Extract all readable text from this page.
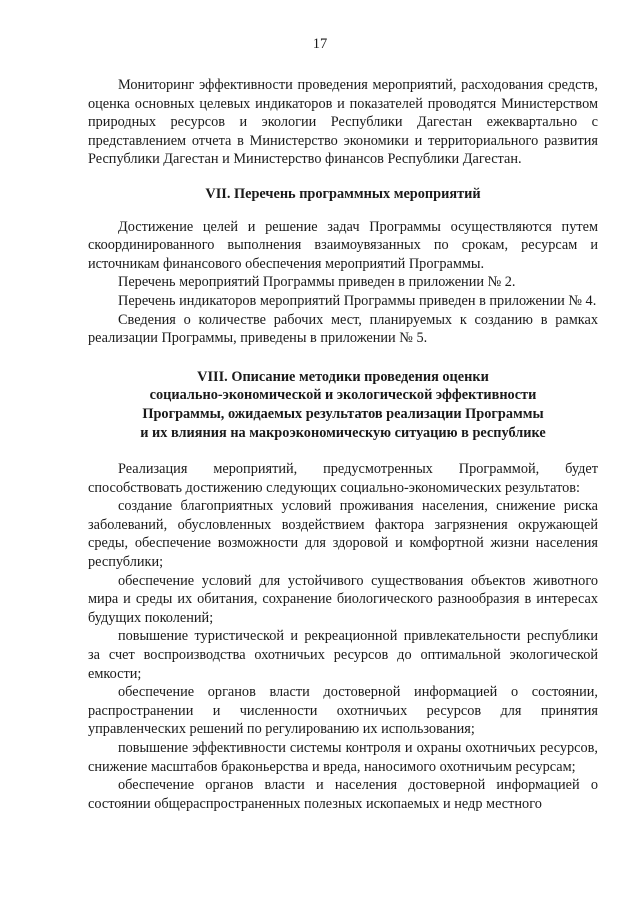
17

Мониторинг эффективности проведения мероприятий, расходования средств, оценка основных целевых индикаторов и показателей проводятся Министерством природных ресурсов и экологии Республики Дагестан ежеквартально с представлением отчета в Министерство экономики и территориального развития Республики Дагестан и Министерство финансов Республики Дагестан.

VII. Перечень программных мероприятий

Достижение целей и решение задач Программы осуществляются путем скоординированного выполнения взаимоувязанных по срокам, ресурсам и источникам финансового обеспечения мероприятий Программы.

Перечень мероприятий Программы приведен в приложении № 2.

Перечень индикаторов мероприятий Программы приведен в приложении № 4.

Сведения о количестве рабочих мест, планируемых к созданию в рамках реализации Программы, приведены в приложении № 5.

VIII. Описание методики проведения оценки
социально-экономической и экологической эффективности
Программы, ожидаемых результатов реализации Программы
и их влияния на макроэкономическую ситуацию в республике

Реализация мероприятий, предусмотренных Программой, будет способствовать достижению следующих социально-экономических результатов:

создание благоприятных условий проживания населения, снижение риска заболеваний, обусловленных воздействием фактора загрязнения окружающей среды, обеспечение возможности для здоровой и комфортной жизни населения республики;

обеспечение условий для устойчивого существования объектов животного мира и среды их обитания, сохранение биологического разнообразия в интересах будущих поколений;

повышение туристической и рекреационной привлекательности республики за счет воспроизводства охотничьих ресурсов до оптимальной экологической емкости;

обеспечение органов власти достоверной информацией о состоянии, распространении и численности охотничьих ресурсов для принятия управленческих решений по регулированию их использования;

повышение эффективности системы контроля и охраны охотничьих ресурсов, снижение масштабов браконьерства и вреда, наносимого охотничьим ресурсам;

обеспечение органов власти и населения достоверной информацией о состоянии общераспространенных полезных ископаемых и недр местного
